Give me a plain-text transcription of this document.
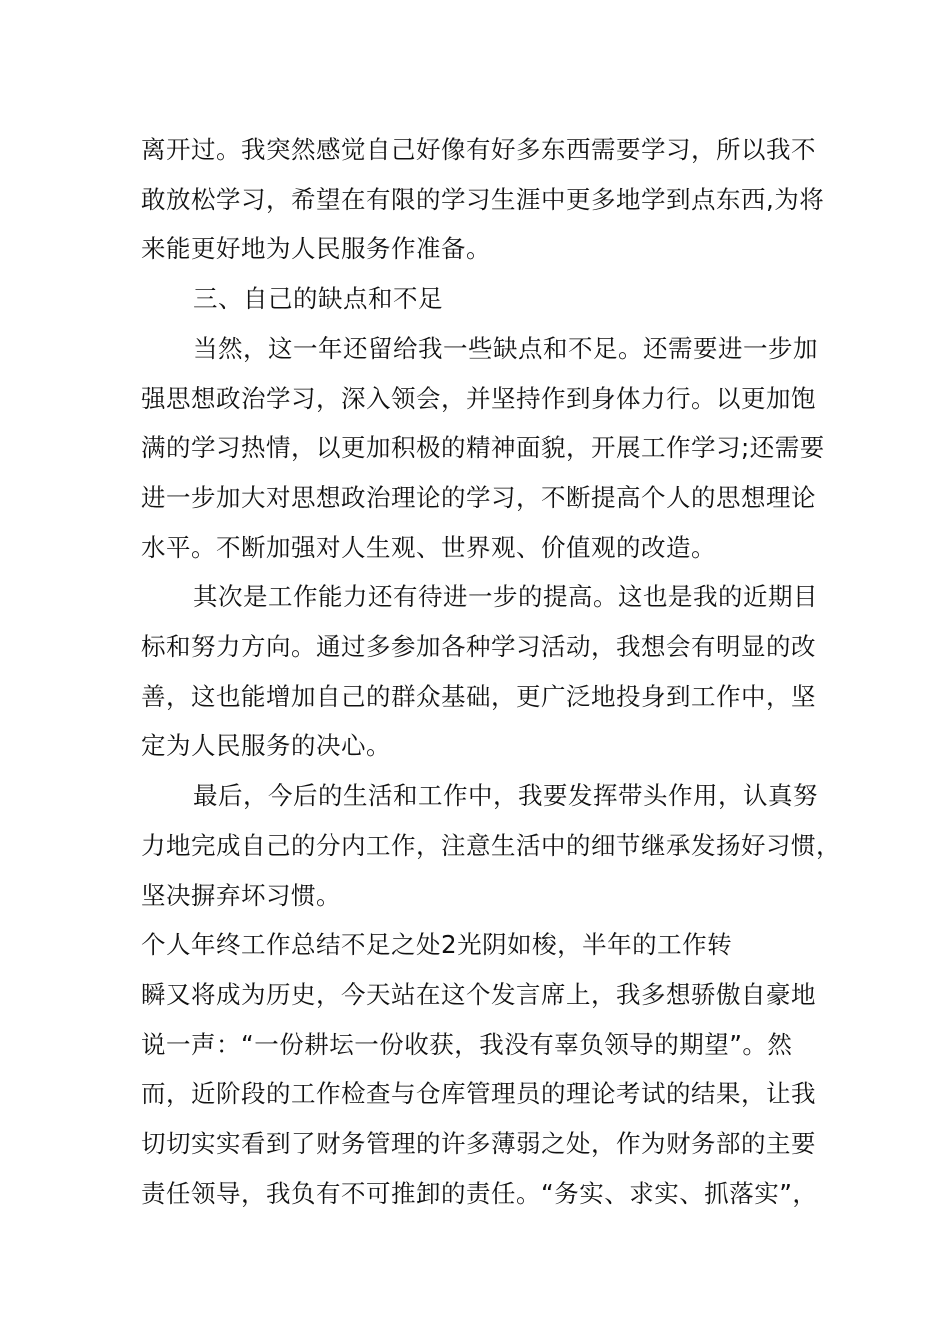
离开过。我突然感觉自己好像有好多东西需要学习，所以我不
敢放松学习，希望在有限的学习生涯中更多地学到点东西,为将
来能更好地为人民服务作准备。
三、自己的缺点和不足
当然，这一年还留给我一些缺点和不足。还需要进一步加
强思想政治学习，深入领会，并坚持作到身体力行。以更加饱
满的学习热情，以更加积极的精神面貌，开展工作学习;还需要
进一步加大对思想政治理论的学习，不断提高个人的思想理论
水平。不断加强对人生观、世界观、价值观的改造。
其次是工作能力还有待进一步的提高。这也是我的近期目
标和努力方向。通过多参加各种学习活动，我想会有明显的改
善，这也能增加自己的群众基础，更广泛地投身到工作中，坚
定为人民服务的决心。
最后，今后的生活和工作中，我要发挥带头作用，认真努
力地完成自己的分内工作，注意生活中的细节继承发扬好习惯，
坚决摒弃坏习惯。
个人年终工作总结不足之处2光阴如梭，半年的工作转
瞬又将成为历史，今天站在这个发言席上，我多想骄傲自豪地
说一声：“一份耕坛一份收获，我没有辜负领导的期望”。然
而，近阶段的工作检查与仓库管理员的理论考试的结果，让我
切切实实看到了财务管理的许多薄弱之处，作为财务部的主要
责任领导，我负有不可推卸的责任。“务实、求实、抓落实”，
